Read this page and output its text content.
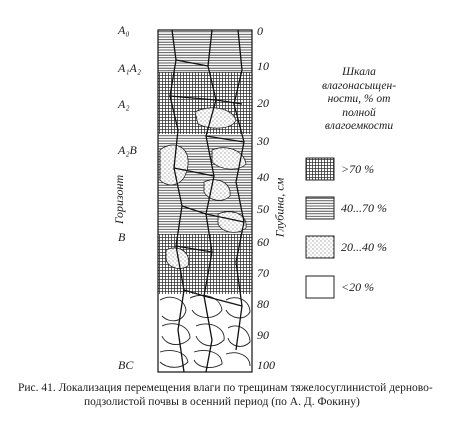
A₀
A₁A₂
A₂
A₂B
B
BC
0
10
20
30
40
50
60
70
80
90
100
Горизонт	Глубина, см
Шкала
влагонасыщен-
ности, % от
полной
влагоемкости
>70 %
40...70 %
20...40 %
<20 %
Рис. 41. Локализация перемещения влаги по трещинам тяжелосуглинистой дерново-
подзолистой почвы в осенний период (по А. Д. Фокину)
